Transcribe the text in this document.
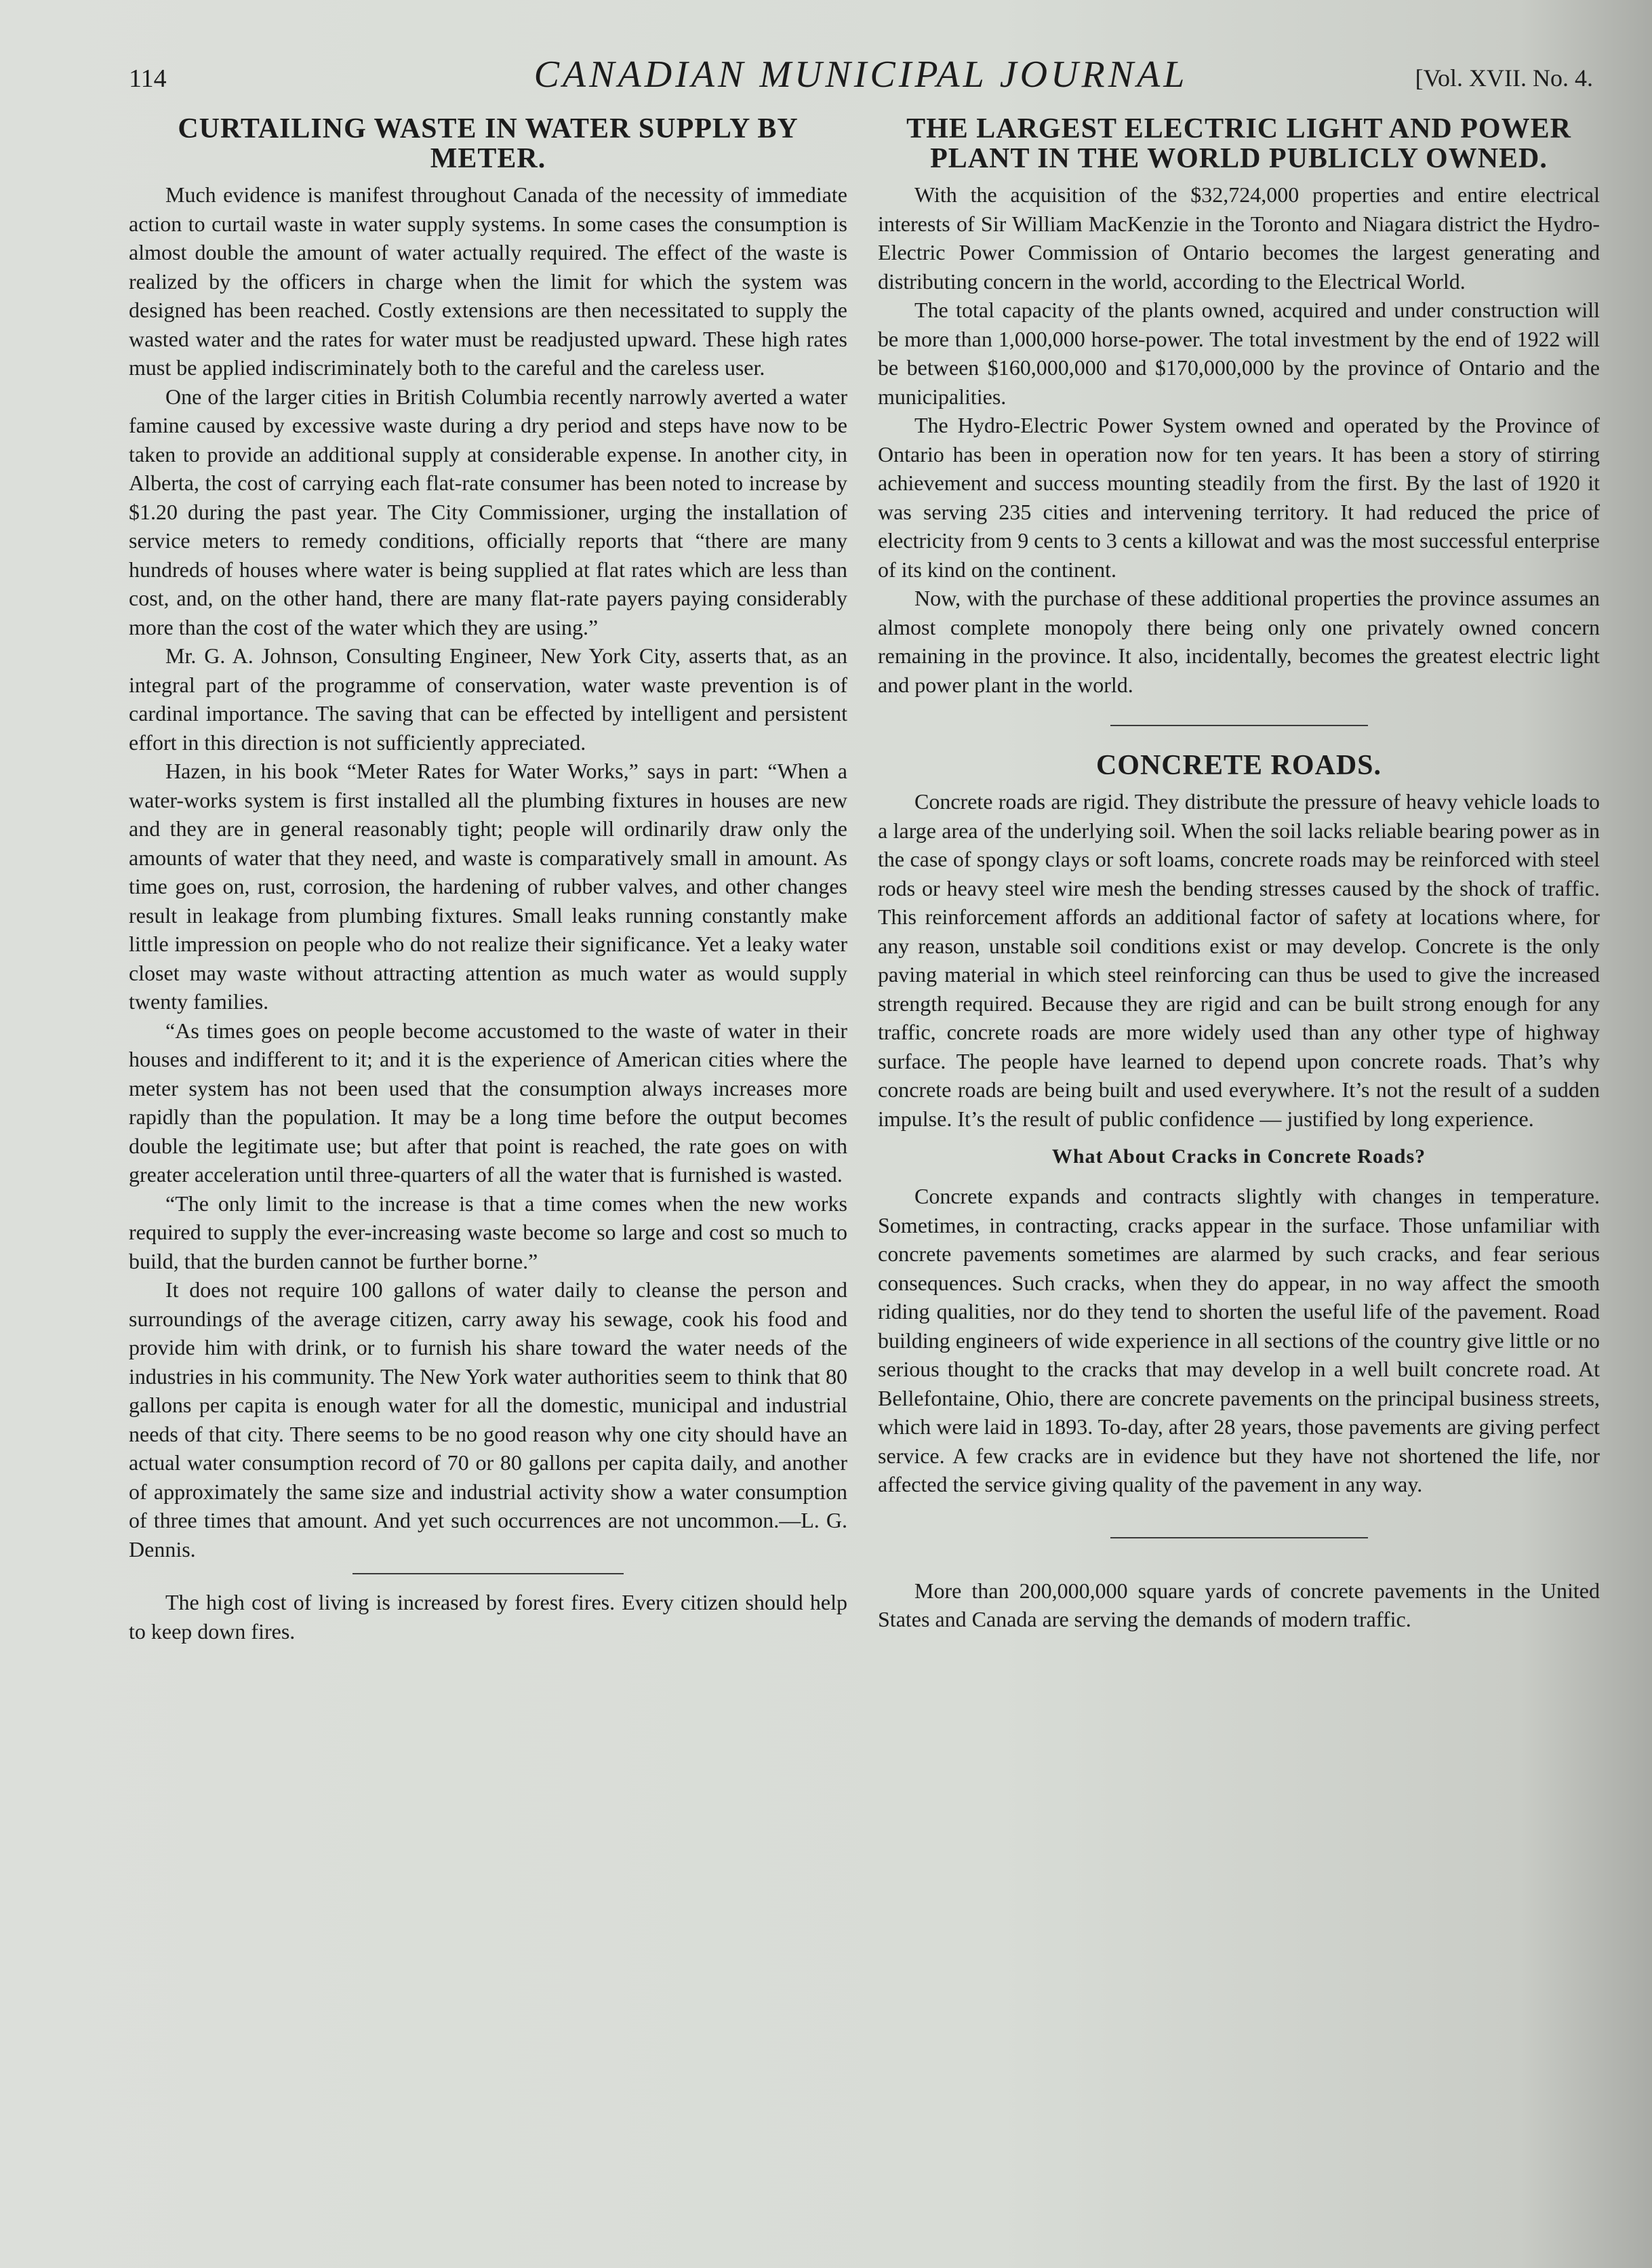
114	CANADIAN MUNICIPAL JOURNAL	[Vol. XVII. No. 4.
CURTAILING WASTE IN WATER SUPPLY BY METER.

Much evidence is manifest throughout Canada of the necessity of immediate action to curtail waste in water supply systems. In some cases the consumption is almost double the amount of water actually required. The effect of the waste is realized by the officers in charge when the limit for which the system was designed has been reached. Costly extensions are then necessitated to supply the wasted water and the rates for water must be readjusted upward. These high rates must be applied indiscriminately both to the careful and the careless user.

One of the larger cities in British Columbia recently narrowly averted a water famine caused by excessive waste during a dry period and steps have now to be taken to provide an additional supply at considerable expense. In another city, in Alberta, the cost of carrying each flat-rate consumer has been noted to increase by $1.20 during the past year. The City Commissioner, urging the installation of service meters to remedy conditions, officially reports that “there are many hundreds of houses where water is being supplied at flat rates which are less than cost, and, on the other hand, there are many flat-rate payers paying considerably more than the cost of the water which they are using.”

Mr. G. A. Johnson, Consulting Engineer, New York City, asserts that, as an integral part of the programme of conservation, water waste prevention is of cardinal importance. The saving that can be effected by intelligent and persistent effort in this direction is not sufficiently appreciated.

Hazen, in his book “Meter Rates for Water Works,” says in part: “When a water-works system is first installed all the plumbing fixtures in houses are new and they are in general reasonably tight; people will ordinarily draw only the amounts of water that they need, and waste is comparatively small in amount. As time goes on, rust, corrosion, the hardening of rubber valves, and other changes result in leakage from plumbing fixtures. Small leaks running constantly make little impression on people who do not realize their significance. Yet a leaky water closet may waste without attracting attention as much water as would supply twenty families.

“As times goes on people become accustomed to the waste of water in their houses and indifferent to it; and it is the experience of American cities where the meter system has not been used that the consumption always increases more rapidly than the population. It may be a long time before the output becomes double the legitimate use; but after that point is reached, the rate goes on with greater acceleration until three-quarters of all the water that is furnished is wasted.

“The only limit to the increase is that a time comes when the new works required to supply the ever-increasing waste become so large and cost so much to build, that the burden cannot be further borne.”

It does not require 100 gallons of water daily to cleanse the person and surroundings of the average citizen, carry away his sewage, cook his food and provide him with drink, or to furnish his share toward the water needs of the industries in his community. The New York water authorities seem to think that 80 gallons per capita is enough water for all the domestic, municipal and industrial needs of that city. There seems to be no good reason why one city should have an actual water consumption record of 70 or 80 gallons per capita daily, and another of approximately the same size and industrial activity show a water consumption of three times that amount. And yet such occurrences are not uncommon.—L. G. Dennis.

The high cost of living is increased by forest fires. Every citizen should help to keep down fires.

THE LARGEST ELECTRIC LIGHT AND POWER PLANT IN THE WORLD PUBLICLY OWNED.

With the acquisition of the $32,724,000 properties and entire electrical interests of Sir William MacKenzie in the Toronto and Niagara district the Hydro-Electric Power Commission of Ontario becomes the largest generating and distributing concern in the world, according to the Electrical World.

The total capacity of the plants owned, acquired and under construction will be more than 1,000,000 horse-power. The total investment by the end of 1922 will be between $160,000,000 and $170,000,000 by the province of Ontario and the municipalities.

The Hydro-Electric Power System owned and operated by the Province of Ontario has been in operation now for ten years. It has been a story of stirring achievement and success mounting steadily from the first. By the last of 1920 it was serving 235 cities and intervening territory. It had reduced the price of electricity from 9 cents to 3 cents a killowat and was the most successful enterprise of its kind on the continent.

Now, with the purchase of these additional properties the province assumes an almost complete monopoly there being only one privately owned concern remaining in the province. It also, incidentally, becomes the greatest electric light and power plant in the world.

CONCRETE ROADS.

Concrete roads are rigid. They distribute the pressure of heavy vehicle loads to a large area of the underlying soil. When the soil lacks reliable bearing power as in the case of spongy clays or soft loams, concrete roads may be reinforced with steel rods or heavy steel wire mesh the bending stresses caused by the shock of traffic. This reinforcement affords an additional factor of safety at locations where, for any reason, unstable soil conditions exist or may develop. Concrete is the only paving material in which steel reinforcing can thus be used to give the increased strength required. Because they are rigid and can be built strong enough for any traffic, concrete roads are more widely used than any other type of highway surface. The people have learned to depend upon concrete roads. That’s why concrete roads are being built and used everywhere. It’s not the result of a sudden impulse. It’s the result of public confidence — justified by long experience.

What About Cracks in Concrete Roads?

Concrete expands and contracts slightly with changes in temperature. Sometimes, in contracting, cracks appear in the surface. Those unfamiliar with concrete pavements sometimes are alarmed by such cracks, and fear serious consequences. Such cracks, when they do appear, in no way affect the smooth riding qualities, nor do they tend to shorten the useful life of the pavement. Road building engineers of wide experience in all sections of the country give little or no serious thought to the cracks that may develop in a well built concrete road. At Bellefontaine, Ohio, there are concrete pavements on the principal business streets, which were laid in 1893. To-day, after 28 years, those pavements are giving perfect service. A few cracks are in evidence but they have not shortened the life, nor affected the service giving quality of the pavement in any way.

More than 200,000,000 square yards of concrete pavements in the United States and Canada are serving the demands of modern traffic.
